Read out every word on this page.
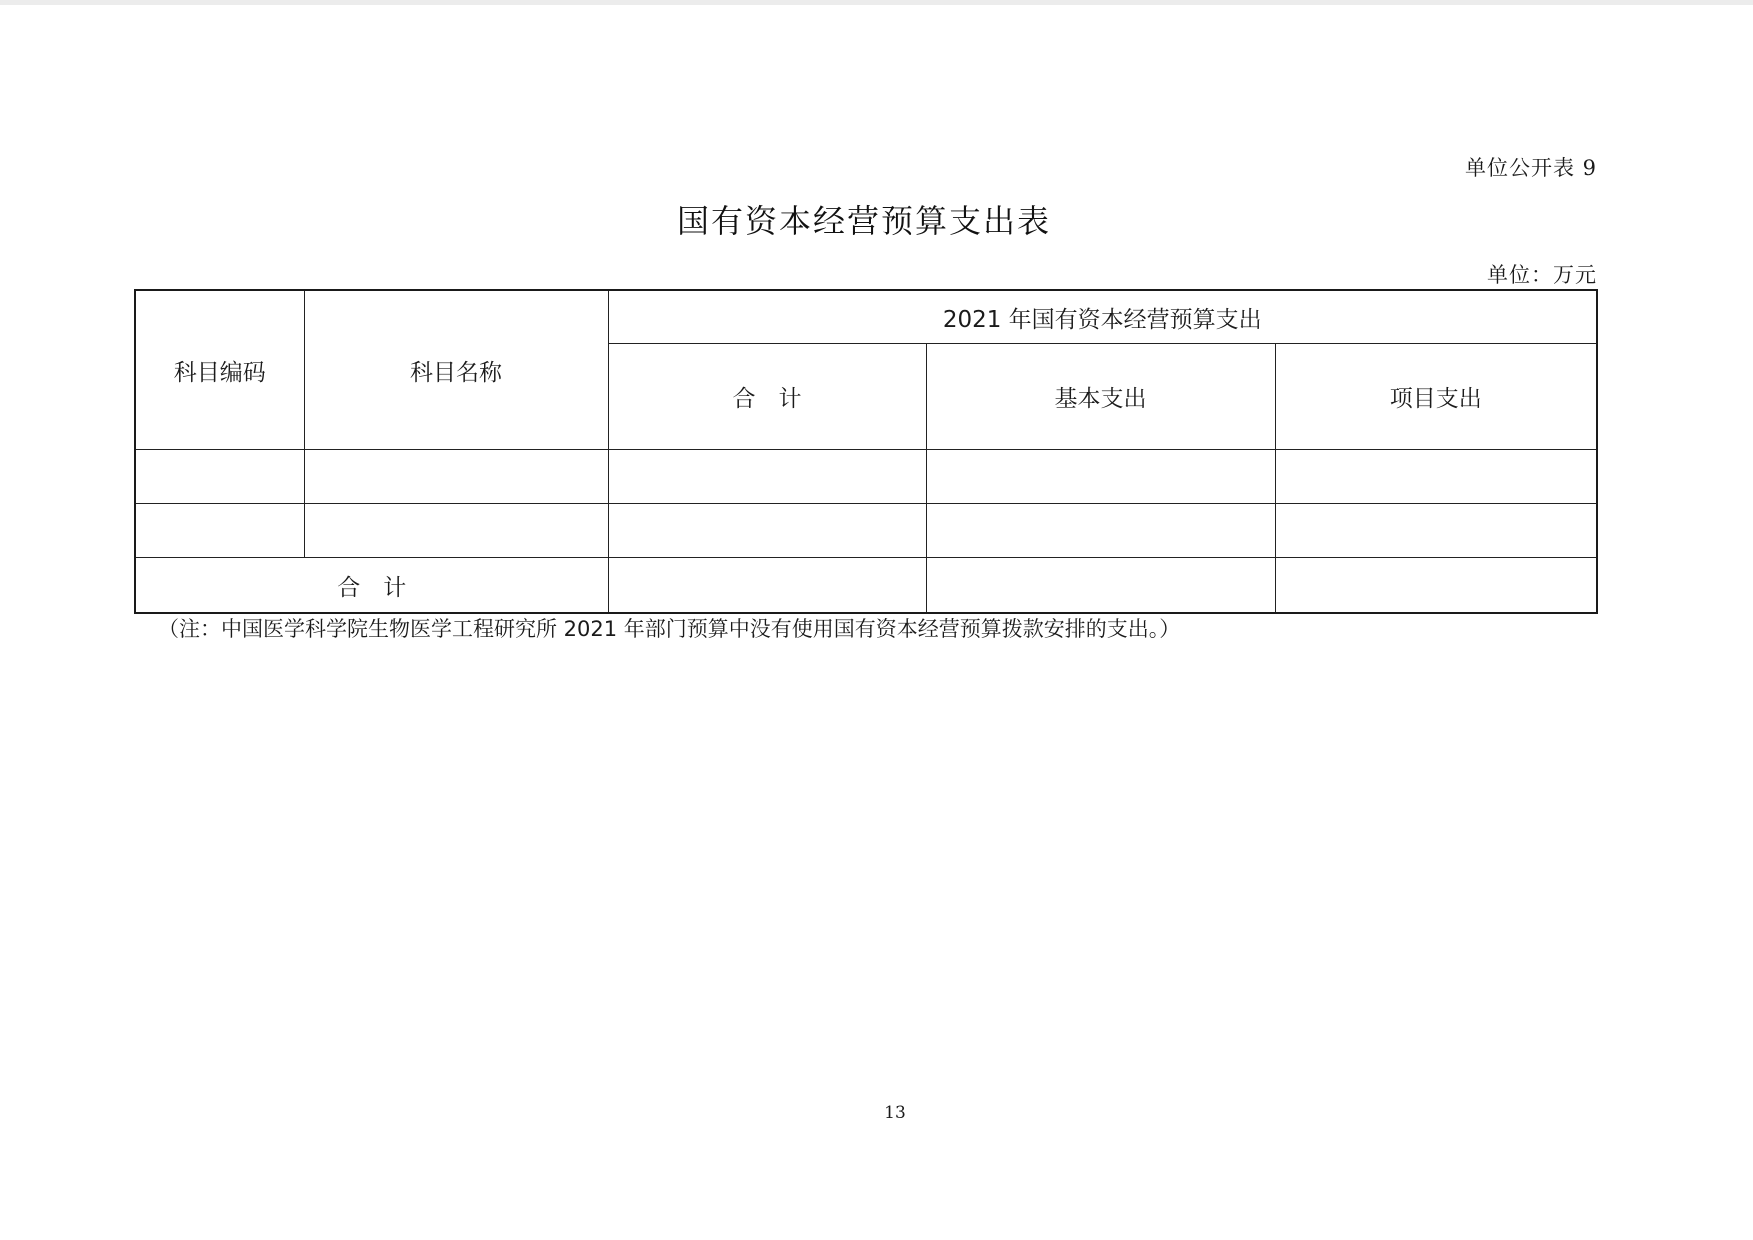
单位公开表 9
国有资本经营预算支出表
单位：万元
科目编码	科目名称	2021 年国有资本经营预算支出		
		合　计	基本支出	项目支出

合　计				
（注：中国医学科学院生物医学工程研究所 2021 年部门预算中没有使用国有资本经营预算拨款安排的支出。）
13
